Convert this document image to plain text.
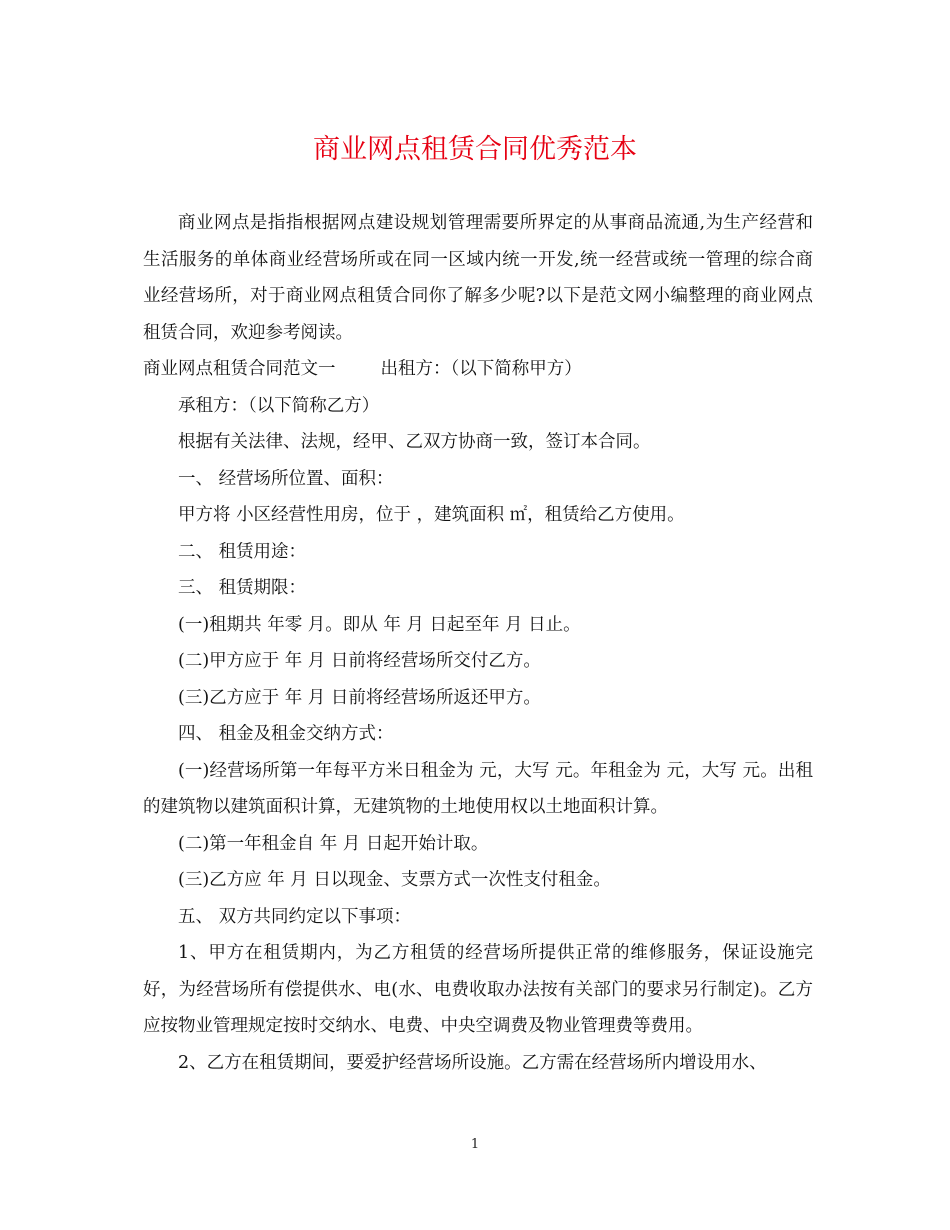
商业网点租赁合同优秀范本

商业网点是指指根据网点建设规划管理需要所界定的从事商品流通,为生产经营和生活服务的单体商业经营场所或在同一区域内统一开发,统一经营或统一管理的综合商业经营场所，对于商业网点租赁合同你了解多少呢?以下是范文网小编整理的商业网点租赁合同，欢迎参考阅读。

商业网点租赁合同范文一	出租方：（以下简称甲方）

承租方：（以下简称乙方）

根据有关法律、法规，经甲、乙双方协商一致，签订本合同。

一、 经营场所位置、面积：

甲方将 小区经营性用房，位于 ，建筑面积 ㎡，租赁给乙方使用。

二、 租赁用途：

三、 租赁期限：

(一)租期共 年零 月。即从 年 月 日起至年 月 日止。

(二)甲方应于 年 月 日前将经营场所交付乙方。

(三)乙方应于 年 月 日前将经营场所返还甲方。

四、 租金及租金交纳方式：

(一)经营场所第一年每平方米日租金为 元，大写 元。年租金为 元，大写 元。出租的建筑物以建筑面积计算，无建筑物的土地使用权以土地面积计算。

(二)第一年租金自 年 月 日起开始计取。

(三)乙方应 年 月 日以现金、支票方式一次性支付租金。

五、 双方共同约定以下事项：

1、甲方在租赁期内，为乙方租赁的经营场所提供正常的维修服务，保证设施完好，为经营场所有偿提供水、电(水、电费收取办法按有关部门的要求另行制定)。乙方应按物业管理规定按时交纳水、电费、中央空调费及物业管理费等费用。

2、乙方在租赁期间，要爱护经营场所设施。乙方需在经营场所内增设用水、

1
